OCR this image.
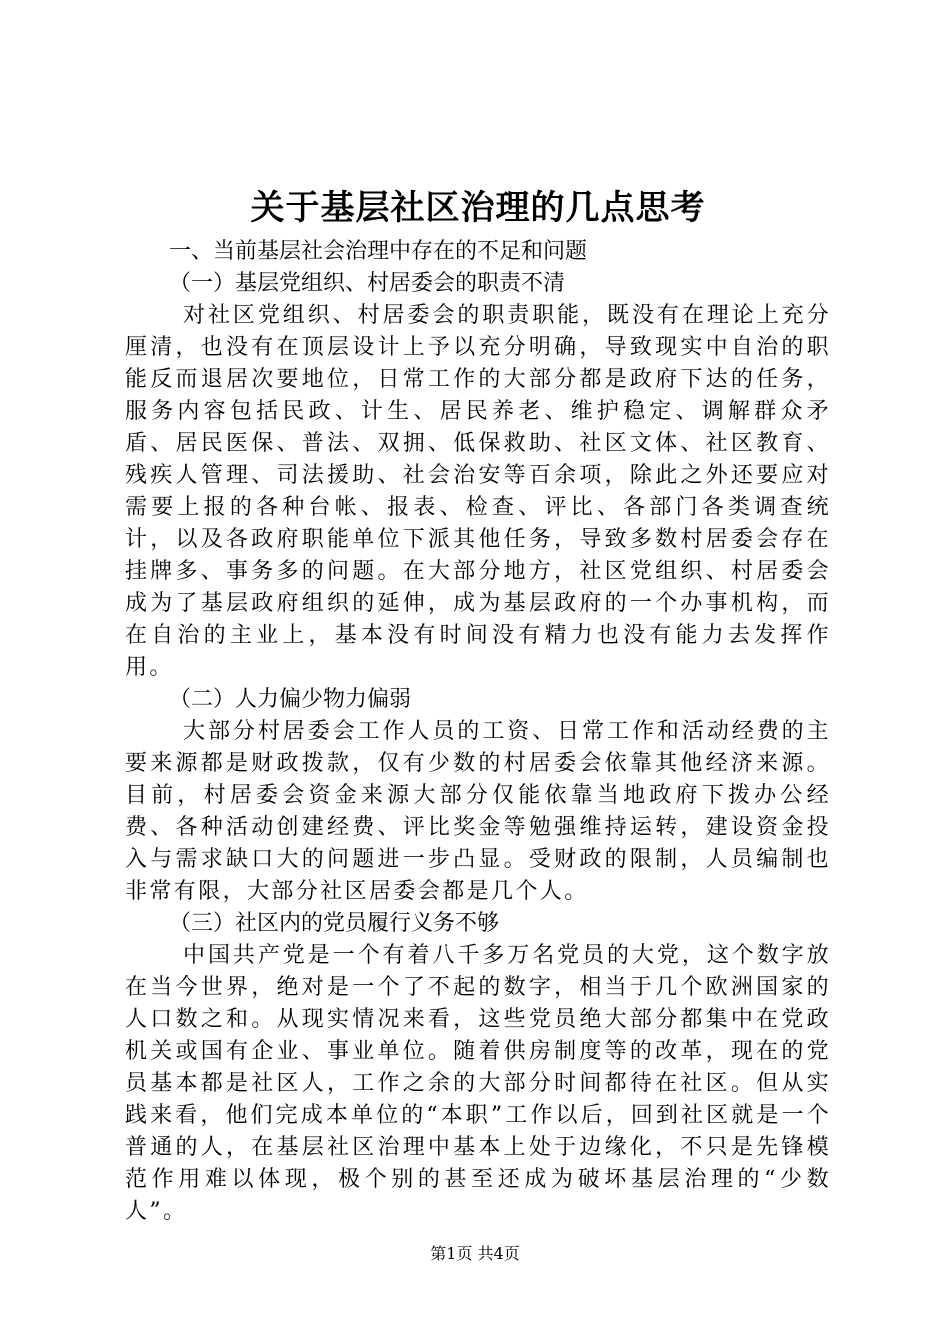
关于基层社区治理的几点思考

一、当前基层社会治理中存在的不足和问题

（一）基层党组织、村居委会的职责不清

对社区党组织、村居委会的职责职能，既没有在理论上充分厘清，也没有在顶层设计上予以充分明确，导致现实中自治的职能反而退居次要地位，日常工作的大部分都是政府下达的任务，服务内容包括民政、计生、居民养老、维护稳定、调解群众矛盾、居民医保、普法、双拥、低保救助、社区文体、社区教育、残疾人管理、司法援助、社会治安等百余项，除此之外还要应对需要上报的各种台帐、报表、检查、评比、各部门各类调查统计，以及各政府职能单位下派其他任务，导致多数村居委会存在挂牌多、事务多的问题。在大部分地方，社区党组织、村居委会成为了基层政府组织的延伸，成为基层政府的一个办事机构，而在自治的主业上，基本没有时间没有精力也没有能力去发挥作用。

（二）人力偏少物力偏弱

大部分村居委会工作人员的工资、日常工作和活动经费的主要来源都是财政拨款，仅有少数的村居委会依靠其他经济来源。目前，村居委会资金来源大部分仅能依靠当地政府下拨办公经费、各种活动创建经费、评比奖金等勉强维持运转，建设资金投入与需求缺口大的问题进一步凸显。受财政的限制，人员编制也非常有限，大部分社区居委会都是几个人。

（三）社区内的党员履行义务不够

中国共产党是一个有着八千多万名党员的大党，这个数字放在当今世界，绝对是一个了不起的数字，相当于几个欧洲国家的人口数之和。从现实情况来看，这些党员绝大部分都集中在党政机关或国有企业、事业单位。随着供房制度等的改革，现在的党员基本都是社区人，工作之余的大部分时间都待在社区。但从实践来看，他们完成本单位的“本职”工作以后，回到社区就是一个普通的人，在基层社区治理中基本上处于边缘化，不只是先锋模范作用难以体现，极个别的甚至还成为破坏基层治理的“少数人”。

第1页 共4页
